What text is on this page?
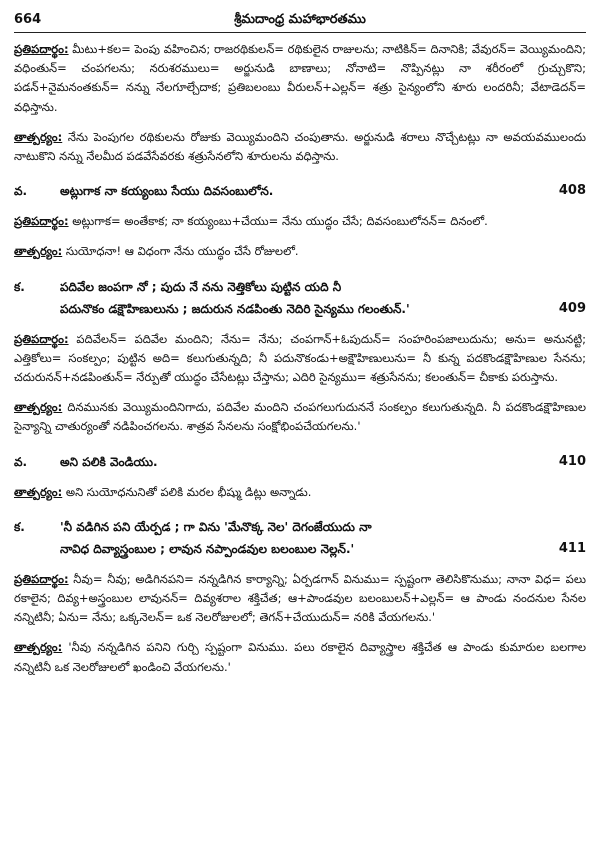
664	శ్రీమదాంధ్ర మహాభారతము

ప్రతిపదార్థం: మీటు+కల= పెంపు వహించిన; రాజరథికులన్= రథికులైన రాజులను; నాటికిన్= దినానికి; వేవురన్= వెయ్యిమందిని; వధింతున్= చంపగలను; నరుశరములు= అర్జునుడి బాణాలు; నోనాటి= నొప్పినట్లు నా శరీరంలో గ్రుచ్చుకొని; పడన్+నైమనంతకున్= నన్ను నేలగూల్చేదాక; ప్రతిబలంబు వీరులన్+ఎల్లన్= శత్రు సైన్యంలోని శూరు లందరినీ; వేటాడెదన్= వధిస్తాను.

తాత్పర్యం: నేను పెంపుగల రథికులను రోజుకు వెయ్యిమందిని చంపుతాను. అర్జునుడి శరాలు నొచ్చేటట్లు నా అవయవములందు నాటుకొని నన్ను నేలమీద పడవేసేవరకు శత్రుసేనలోని శూరులను వధిస్తాను.

వ.	అట్లుగాక నా కయ్యంబు సేయు దివసంబులోన.	408

ప్రతిపదార్థం: అట్లుగాక= అంతేకాక; నా కయ్యంబు+చేయు= నేను యుద్ధం చేసే; దివసంబులోనన్= దినంలో.

తాత్పర్యం: సుయోధనా! ఆ విధంగా నేను యుద్ధం చేసే రోజులలో.

క.	పదివేల జంపగా నో ; పుదు నే నను నెత్తికోలు పుట్టిన యది నీ
పదునొకం డక్షౌహిణులును ; జదురున నడపింతు నెదిరి సైన్యము గలంతున్.'	409

ప్రతిపదార్థం: పదివేలన్= పదివేల మందిని; నేను= నేను; చంపగాన్+ఓపుదున్= సంహరింపజాలుదును; అను= అనునట్టి; ఎత్తికోలు= సంకల్పం; పుట్టిన అది= కలుగుతున్నది; నీ పదునొకండు+అక్షౌహిణులును= నీ కున్న పదకొండక్షౌహిణుల సేనను; చదురునన్+నడపింతున్= నేర్పుతో యుద్ధం చేసేటట్లు చేస్తాను; ఎదిరి సైన్యము= శత్రుసేనను; కలంతున్= చీకాకు పరుస్తాను.

తాత్పర్యం: దినమునకు వెయ్యిమందినిగాదు, పదివేల మందిని చంపగలుగుదుననే సంకల్పం కలుగుతున్నది. నీ పదకొండక్షౌహిణుల సైన్యాన్ని చాతుర్యంతో నడిపించగలను. శాత్రవ సేనలను సంక్షోభింపచేయగలను.'

వ.	అని పలికి వెండియు.	410

తాత్పర్యం: అని సుయోధనునితో పలికి మరల భీష్ము డిట్లు అన్నాడు.

క.	'నీ వడిగిన పని యేర్పడ ; గా విను 'మేనొక్క నెల' దెగంజేయుదు నా
నావిధ దివ్యాస్త్రంబుల ; లావున నప్పాండవుల బలంబుల నెల్లన్.'	411

ప్రతిపదార్థం: నీవు= నీవు; అడిగినపని= నన్నడిగిన కార్యాన్ని; ఏర్పడగాన్ వినుము= స్పష్టంగా తెలిసికొనుము; నానా విధ= పలు రకాలైన; దివ్య+అస్త్రంబుల లావునన్= దివ్యశరాల శక్తిచేత; ఆ+పాండవుల బలంబులన్+ఎల్లన్= ఆ పాండు నందనుల సేనల నన్నిటినీ; ఏను= నేను; ఒక్కనెలన్= ఒక నెలరోజులలో; తెగన్+చేయుదున్= నరికి వేయగలను.'

తాత్పర్యం: 'నీవు నన్నడిగిన పనిని గుర్చి స్పష్టంగా వినుము. పలు రకాలైన దివ్యాస్త్రాల శక్తిచేత ఆ పాండు కుమారుల బలగాల నన్నిటినీ ఒక నెలరోజులలో ఖండించి వేయగలను.'
